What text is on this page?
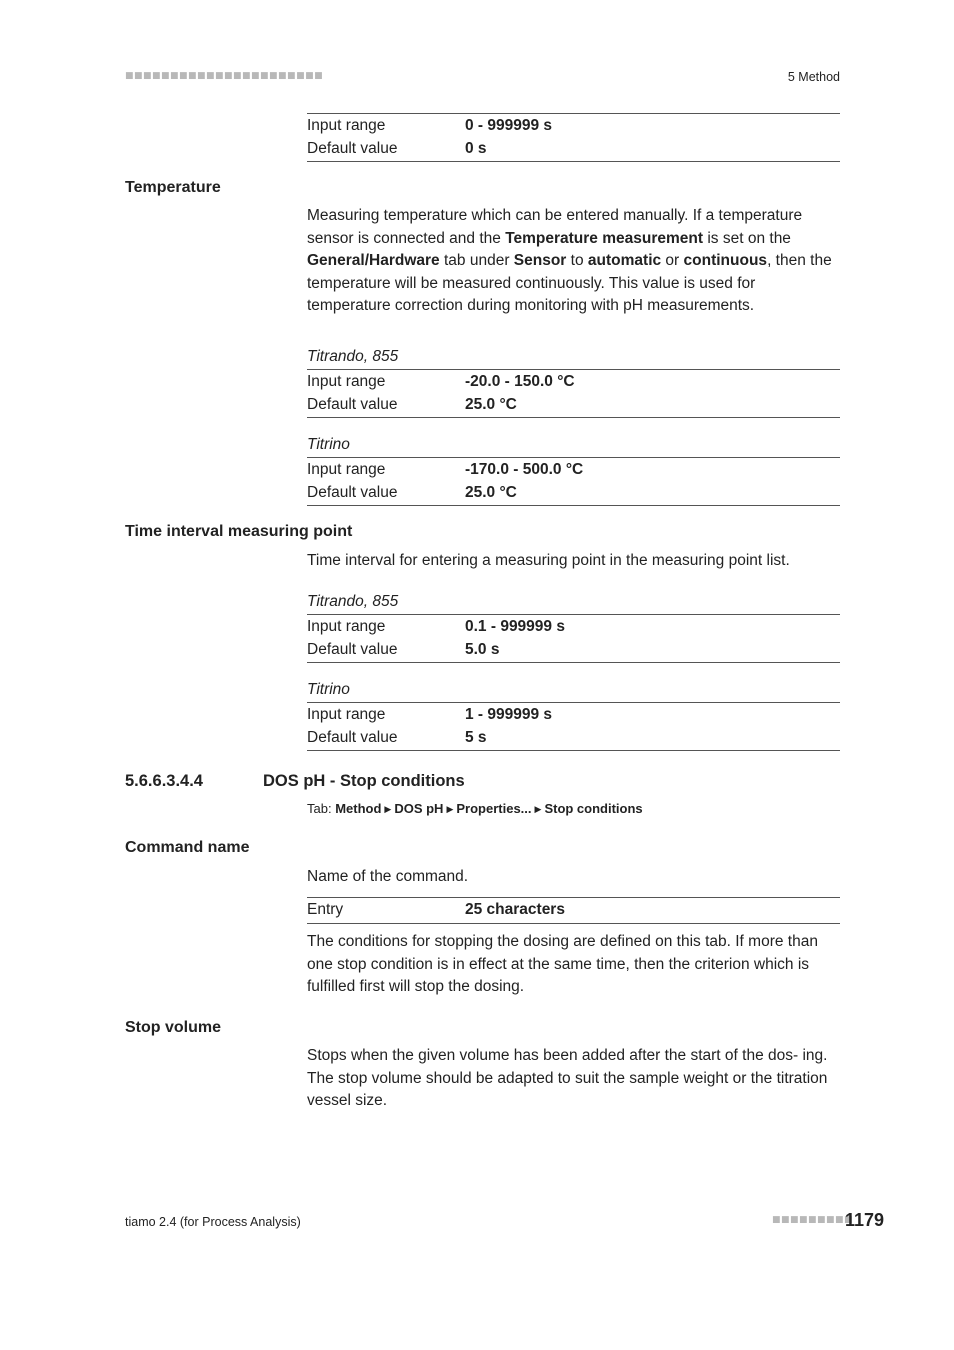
■■■■■■■■■■■■■■■■■■■■■■	5 Method
Input range	0 - 999999 s
Default value	0 s
Temperature
Measuring temperature which can be entered manually. If a temperature sensor is connected and the Temperature measurement is set on the General/Hardware tab under Sensor to automatic or continuous, then the temperature will be measured continuously. This value is used for temperature correction during monitoring with pH measurements.
Titrando, 855
Input range	-20.0 - 150.0 °C
Default value	25.0 °C
Titrino
Input range	-170.0 - 500.0 °C
Default value	25.0 °C
Time interval measuring point
Time interval for entering a measuring point in the measuring point list.
Titrando, 855
Input range	0.1 - 999999 s
Default value	5.0 s
Titrino
Input range	1 - 999999 s
Default value	5 s
5.6.6.3.4.4	DOS pH - Stop conditions
Tab: Method ▶ DOS pH ▶ Properties... ▶ Stop conditions
Command name
Name of the command.
Entry	25 characters
The conditions for stopping the dosing are defined on this tab. If more than one stop condition is in effect at the same time, then the criterion which is fulfilled first will stop the dosing.
Stop volume
Stops when the given volume has been added after the start of the dos- ing. The stop volume should be adapted to suit the sample weight or the titration vessel size.
tiamo 2.4 (for Process Analysis)	■■■■■■■■■
1179
